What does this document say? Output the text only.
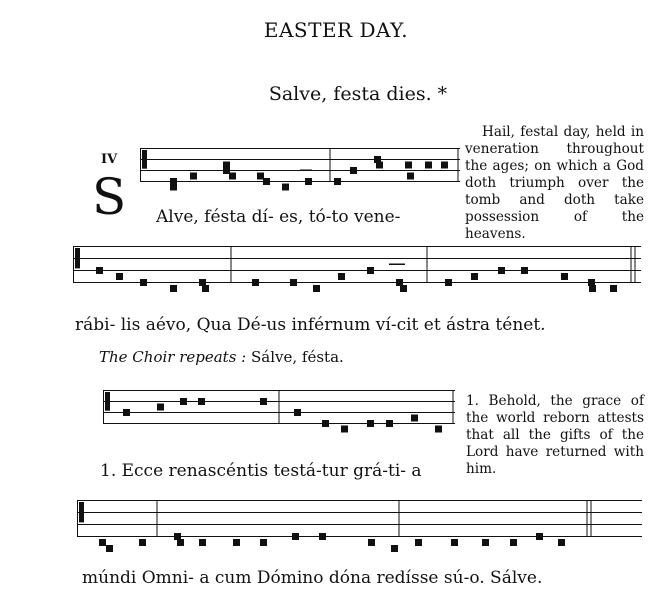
EASTER DAY.
Salve, festa dies. *
IV
S Alve, fésta dí- es, tó-to vene-
rábi- lis aévo, Qua Dé-us inférnum ví-cit et ástra ténet.
The Choir repeats : Sálve, fésta.
1. Ecce renascéntis testá-tur grá-ti- a
múndi Omni- a cum Dómino dóna redísse sú-o. Sálve.
Hail, festal day, held in veneration throughout the ages; on which a God doth triumph over the tomb and doth take possession of the heavens.
1. Behold, the grace of the world reborn attests that all the gifts of the Lord have returned with him.
